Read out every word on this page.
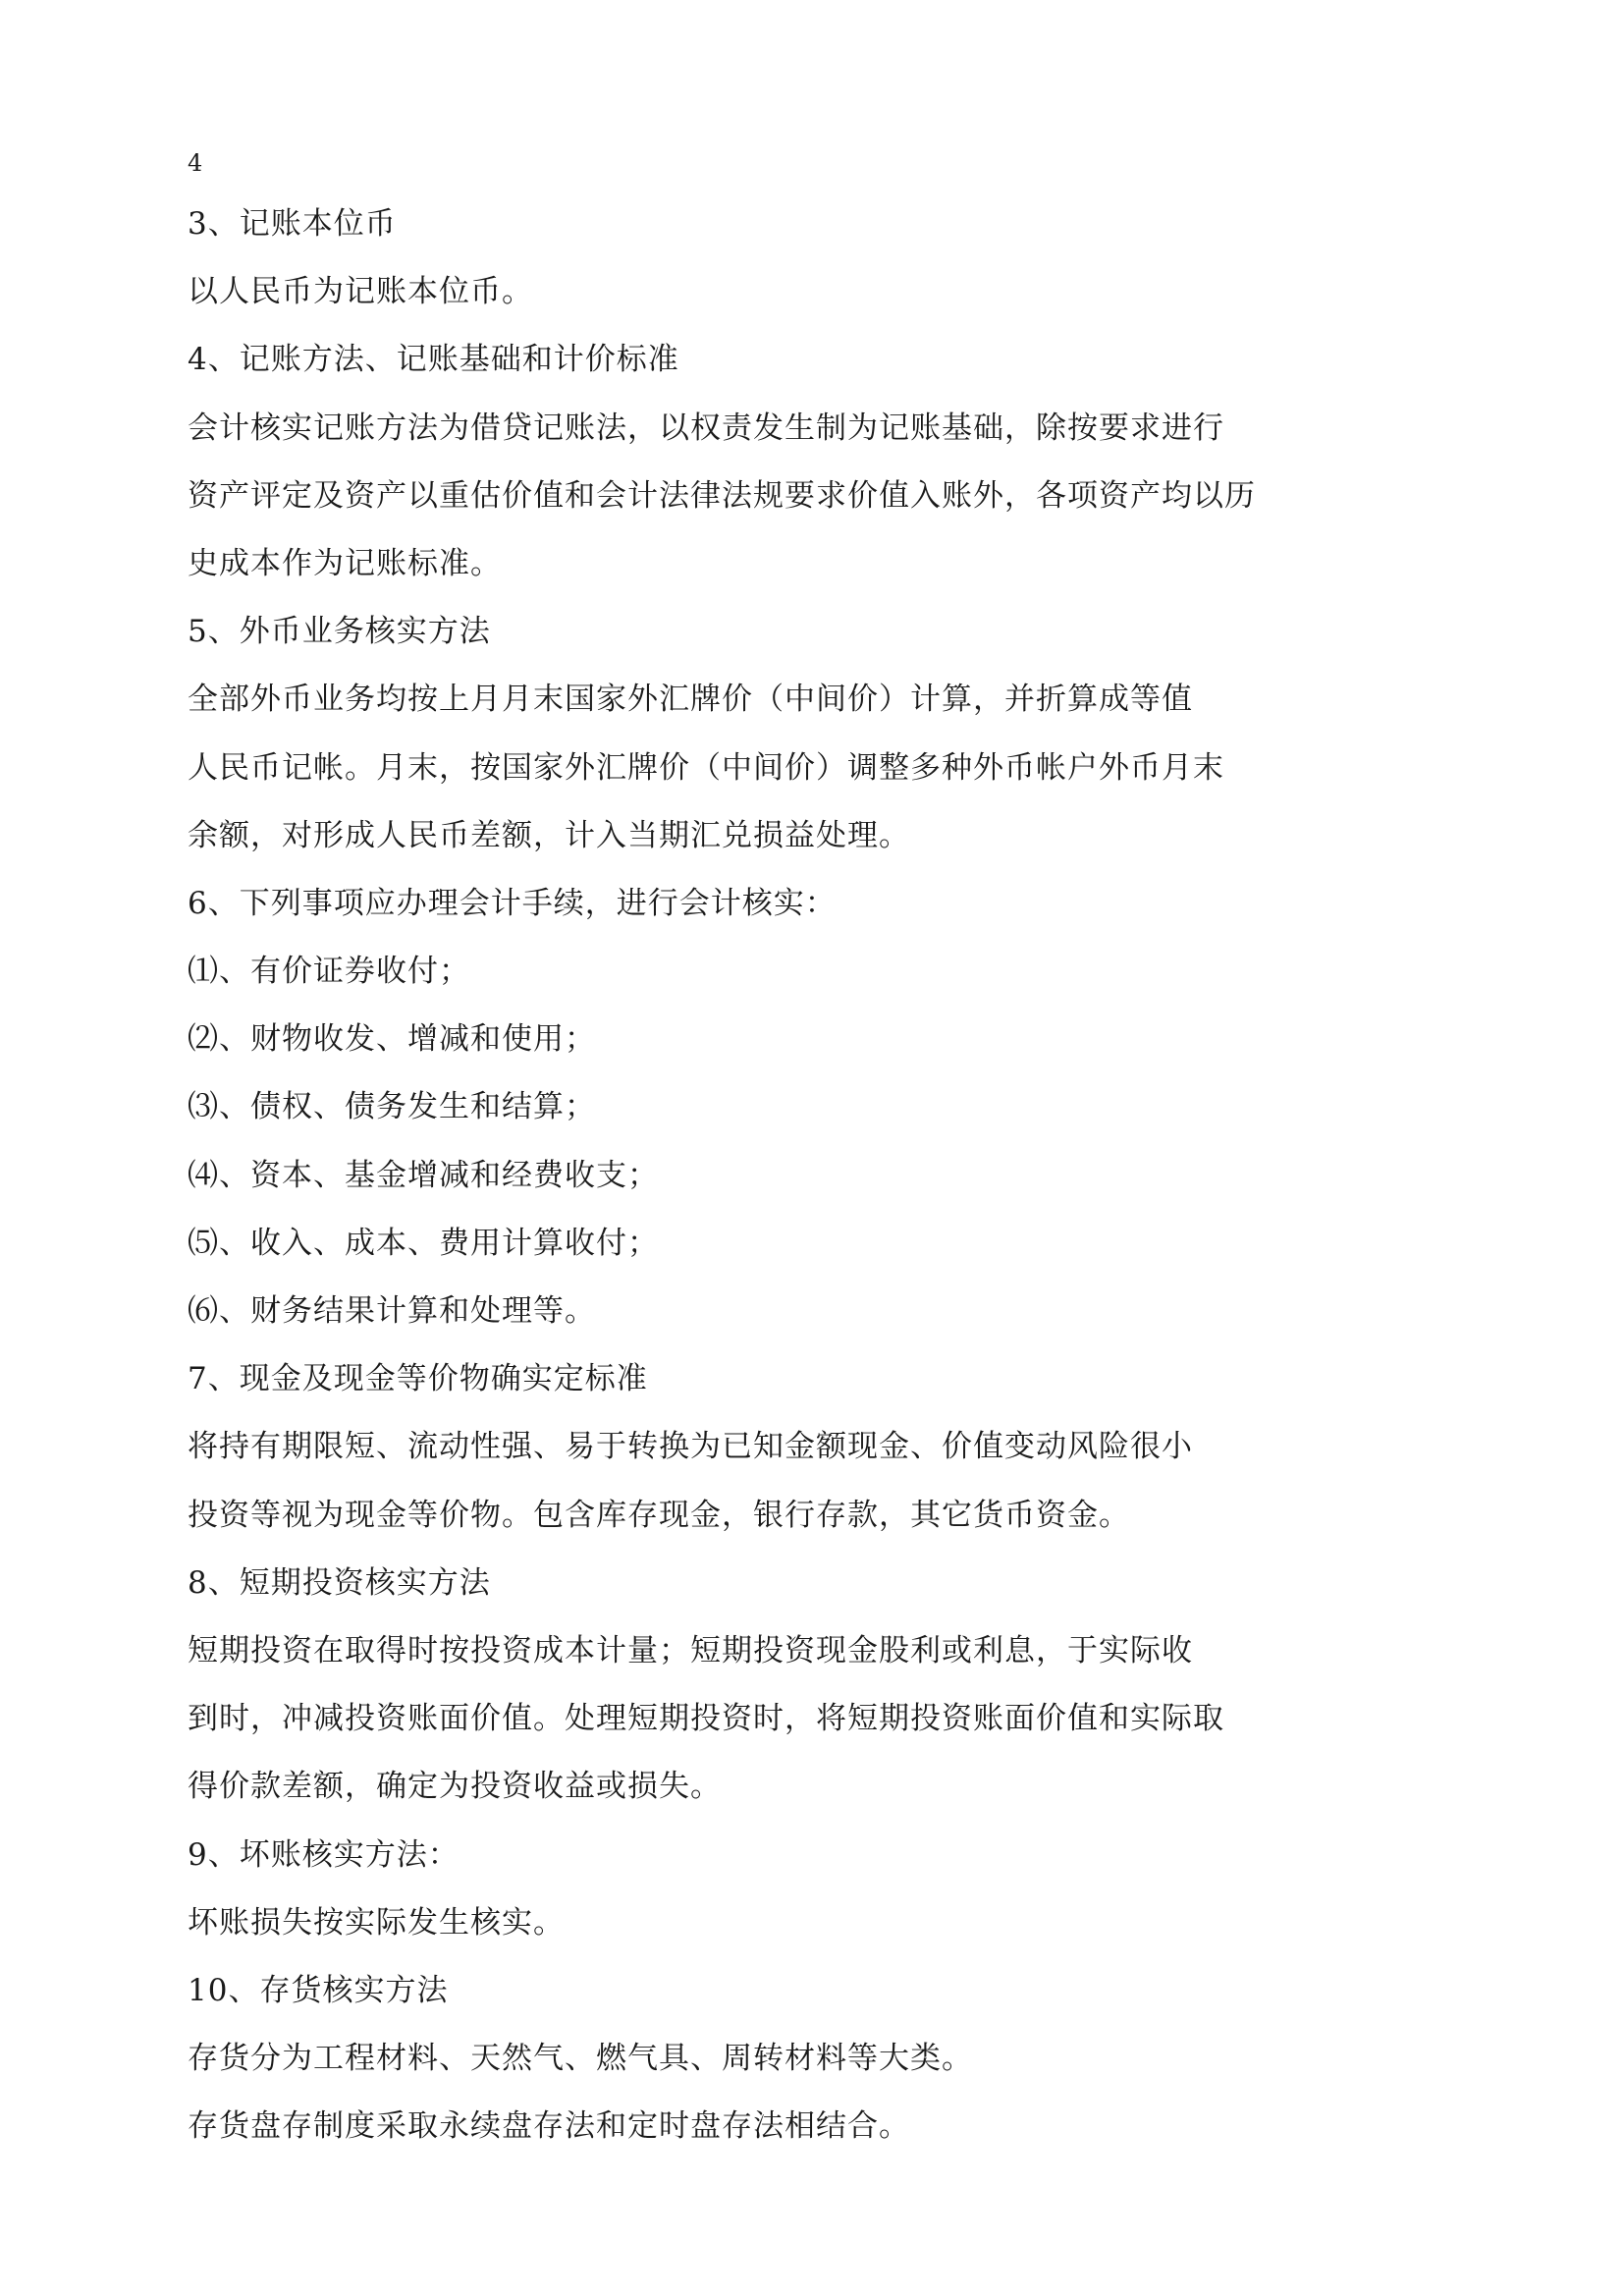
4

3、记账本位币

以人民币为记账本位币。

4、记账方法、记账基础和计价标准

会计核实记账方法为借贷记账法，以权责发生制为记账基础，除按要求进行

资产评定及资产以重估价值和会计法律法规要求价值入账外，各项资产均以历

史成本作为记账标准。

5、外币业务核实方法

全部外币业务均按上月月末国家外汇牌价（中间价）计算，并折算成等值

人民币记帐。月末，按国家外汇牌价（中间价）调整多种外币帐户外币月末

余额，对形成人民币差额，计入当期汇兑损益处理。

6、下列事项应办理会计手续，进行会计核实：

⑴、有价证券收付；

⑵、财物收发、增减和使用；

⑶、债权、债务发生和结算；

⑷、资本、基金增减和经费收支；

⑸、收入、成本、费用计算收付；

⑹、财务结果计算和处理等。

7、现金及现金等价物确实定标准

将持有期限短、流动性强、易于转换为已知金额现金、价值变动风险很小

投资等视为现金等价物。包含库存现金，银行存款，其它货币资金。

8、短期投资核实方法

短期投资在取得时按投资成本计量；短期投资现金股利或利息，于实际收

到时，冲减投资账面价值。处理短期投资时，将短期投资账面价值和实际取

得价款差额，确定为投资收益或损失。

9、坏账核实方法：

坏账损失按实际发生核实。

10、存货核实方法

存货分为工程材料、天然气、燃气具、周转材料等大类。

存货盘存制度采取永续盘存法和定时盘存法相结合。
